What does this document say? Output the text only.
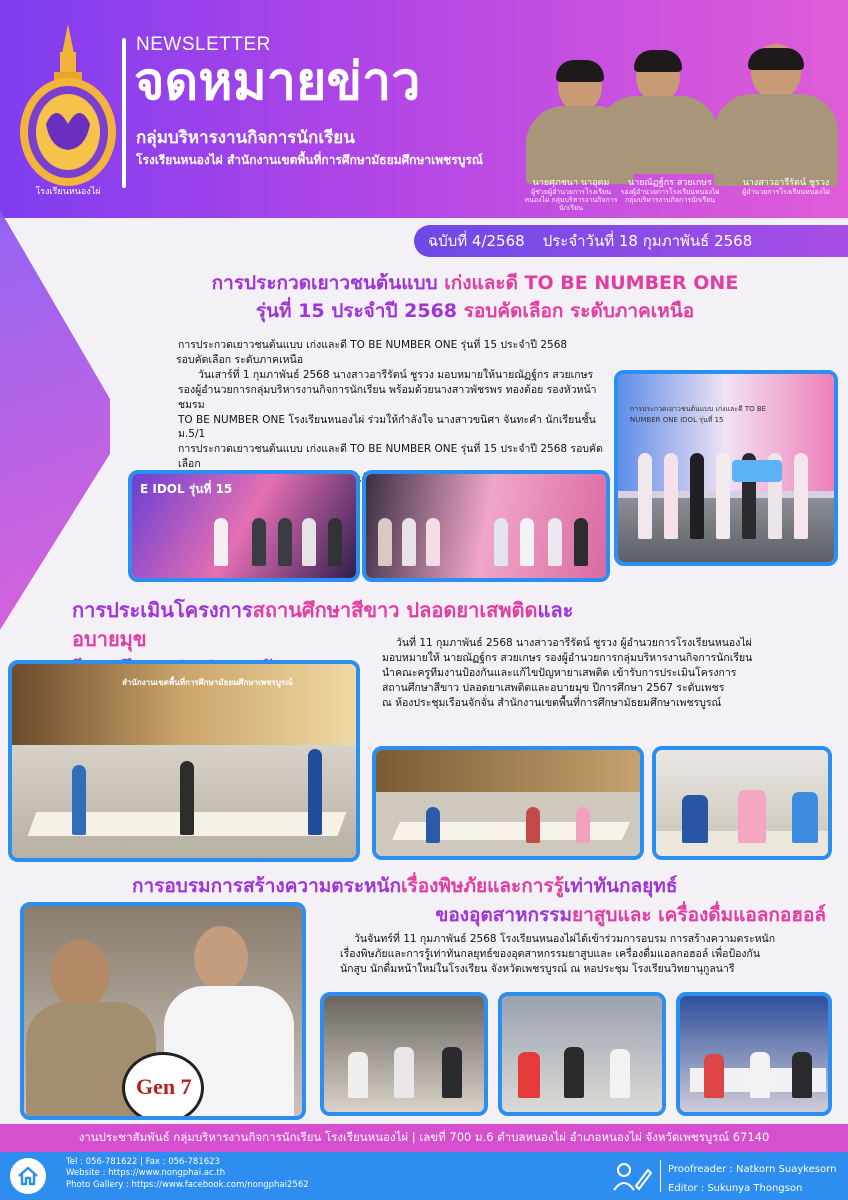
โรงเรียนหนองไผ่
NEWSLETTER
จดหมายข่าว
กลุ่มบริหารงานกิจการนักเรียน
โรงเรียนหนองไผ่ สำนักงานเขตพื้นที่การศึกษามัธยมศึกษาเพชรบูรณ์
นายศุภชนา นาอุดม
ผู้ช่วยผู้อำนวยการโรงเรียนหนองไผ่ กลุ่มบริหารงานกิจการนักเรียน
นายณัฏฐ์กร สวยเกษร
รองผู้อำนวยการโรงเรียนหนองไผ่ กลุ่มบริหารงานกิจการนักเรียน
นางสาวอารีรัตน์ ชูรวง
ผู้อำนวยการโรงเรียนหนองไผ่
ฉบับที่ 4/2568 ประจำวันที่ 18 กุมภาพันธ์ 2568
การประกวดเยาวชนต้นแบบ เก่งและดี TO BE NUMBER ONE
รุ่นที่ 15 ประจำปี 2568 รอบคัดเลือก ระดับภาคเหนือ
การประกวดเยาวชนต้นแบบ เก่งและดี TO BE NUMBER ONE รุ่นที่ 15 ประจำปี 2568
รอบคัดเลือก ระดับภาคเหนือ
วันเสาร์ที่ 1 กุมภาพันธ์ 2568 นางสาวอารีรัตน์ ชูรวง มอบหมายให้นายณัฏฐ์กร สวยเกษร
รองผู้อำนวยการกลุ่มบริหารงานกิจการนักเรียน พร้อมด้วยนางสาวพัชรพร ทองต้อย รองหัวหน้าชมรม
TO BE NUMBER ONE โรงเรียนหนองไผ่ ร่วมให้กำลังใจ นางสาวขนิศา จันทะคำ นักเรียนชั้น ม.5/1
การประกวดเยาวชนต้นแบบ เก่งและดี TO BE NUMBER ONE รุ่นที่ 15 ประจำปี 2568 รอบคัดเลือก
E IDOL รุ่นที่ 15
การประกวดเยาวชนต้นแบบ เก่งและดี TO BE NUMBER ONE IDOL รุ่นที่ 15
การประเมินโครงการสถานศึกษาสีขาว ปลอดยาเสพติดและอบายมุข	วันที่ 11 กุมภาพันธ์ 2568 นางสาวอารีรัตน์ ชูรวง ผู้อำนวยการโรงเรียนหนองไผ่
มอบหมายให้ นายณัฏฐ์กร สวยเกษร รองผู้อำนวยการกลุ่มบริหารงานกิจการนักเรียน
นำคณะครูทีมงานป้องกันและแก้ไขปัญหายาเสพติด เข้ารับการประเมินโครงการ
สถานศึกษาสีขาว ปลอดยาเสพติดและอบายมุข ปีการศึกษา 2567 ระดับเพชร
ณ ห้องประชุมเรือนจักจั่น สำนักงานเขตพื้นที่การศึกษามัธยมศึกษาเพชรบูรณ์
สำนักงานเขตพื้นที่การศึกษามัธยมศึกษาเพชรบูรณ์
การอบรมการสร้างความตระหนักเรื่องพิษภัยและการรู้เท่าทันกลยุทธ์
ของอุตสาหกรรมยาสูบและ เครื่องดื่มแอลกอฮอล์
วันจันทร์ที่ 11 กุมภาพันธ์ 2568 โรงเรียนหนองไผ่ได้เข้าร่วมการอบรม การสร้างความตระหนัก
เรื่องพิษภัยและการรู้เท่าทันกลยุทธ์ของอุตสาหกรรมยาสูบและ เครื่องดื่มแอลกอฮอล์ เพื่อป้องกัน
นักสูบ นักดื่มหน้าใหม่ในโรงเรียน จังหวัดเพชรบูรณ์ ณ หอประชุม โรงเรียนวิทยานุกูลนารี
Gen 7
งานประชาสัมพันธ์ กลุ่มบริหารงานกิจการนักเรียน โรงเรียนหนองไผ่ | เลขที่ 700 ม.6 ตำบลหนองไผ่ อำเภอหนองไผ่ จังหวัดเพชรบูรณ์ 67140
Tel : 056-781622 | Fax : 056-781623
Website : https://www.nongphai.ac.th
Photo Gallery : https://www.facebook.com/nongphai2562
Proofreader : Natkorn Suaykesorn
Editor : Sukunya Thongson
